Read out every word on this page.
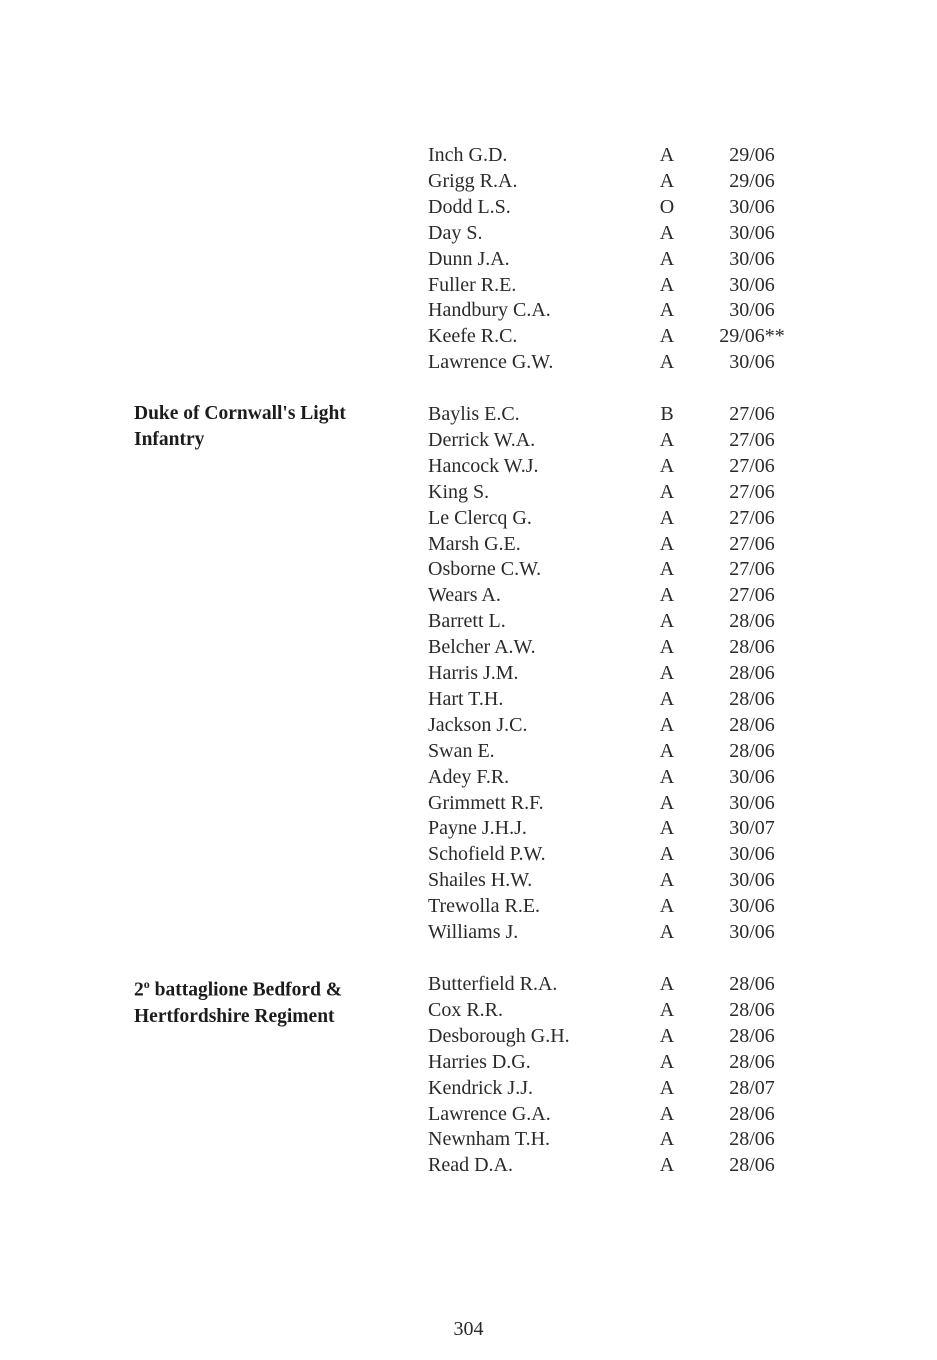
Inch G.D.	A	29/06
Grigg R.A.	A	29/06
Dodd L.S.	O	30/06
Day S.	A	30/06
Dunn J.A.	A	30/06
Fuller R.E.	A	30/06
Handbury C.A.	A	30/06
Keefe R.C.	A 29/06**
Lawrence G.W.	A	30/06
Duke of Cornwall's Light
Infantry
Baylis E.C.	B	27/06
Derrick W.A.	A	27/06
Hancock W.J.	A	27/06
King S.	A	27/06
Le Clercq G.	A	27/06
Marsh G.E.	A	27/06
Osborne C.W.	A	27/06
Wears A.	A	27/06
Barrett L.	A	28/06
Belcher A.W.	A	28/06
Harris J.M.	A	28/06
Hart T.H.	A	28/06
Jackson J.C.	A	28/06
Swan E.	A	28/06
Adey F.R.	A	30/06
Grimmett R.F.	A	30/06
Payne J.H.J.	A	30/07
Schofield P.W.	A	30/06
Shailes H.W.	A	30/06
Trewolla R.E.	A	30/06
Williams J.	A	30/06
2$^o$ battaglione Bedford &
Hertfordshire Regiment
Butterfield R.A.	A	28/06
Cox R.R.	A	28/06
Desborough G.H.	A	28/06
Harries D.G.	A	28/06
Kendrick J.J.	A	28/07
Lawrence G.A.	A	28/06
Newnham T.H.	A	28/06
Read D.A.	A	28/06
304
